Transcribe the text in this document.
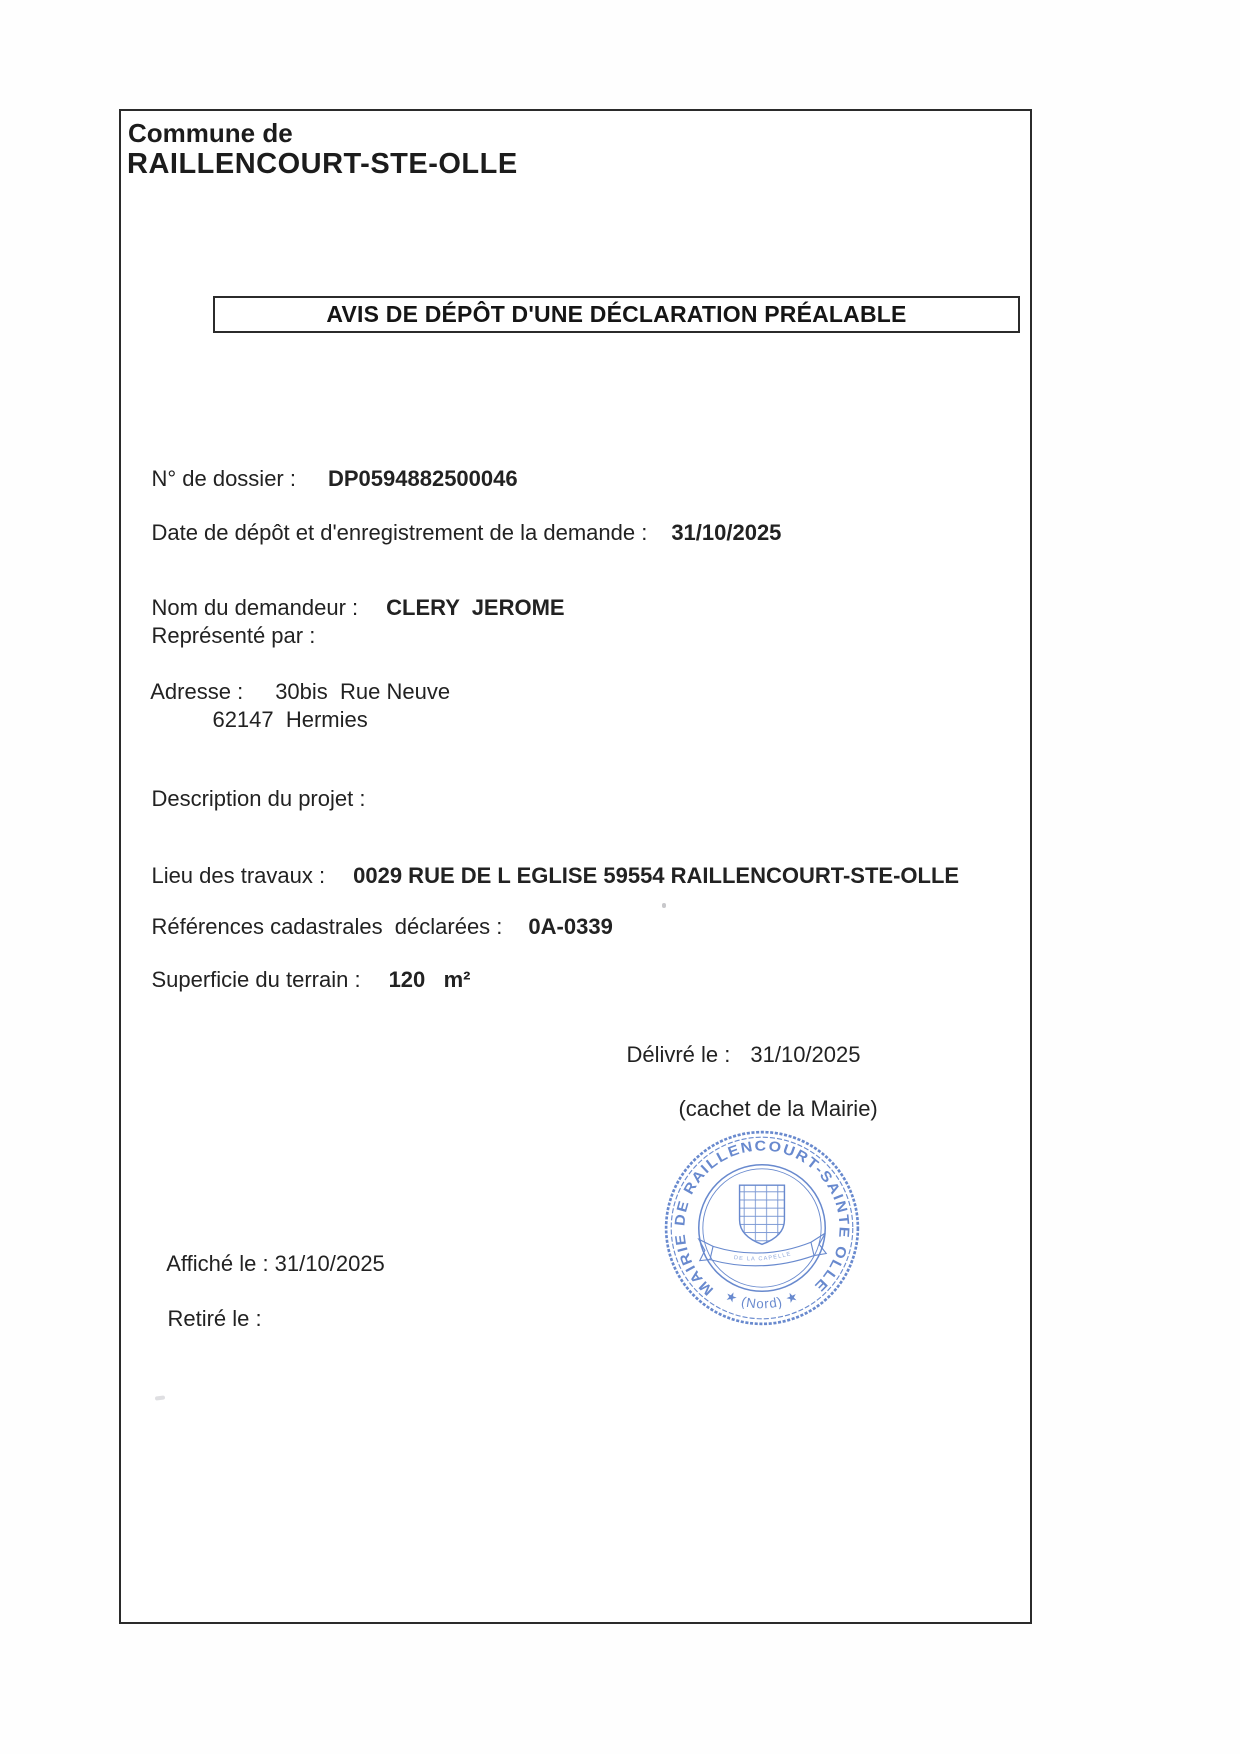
Commune de
RAILLENCOURT-STE-OLLE
AVIS DE DÉPÔT D'UNE DÉCLARATION PRÉALABLE

N° de dossier : DP0594882500046

Date de dépôt et d'enregistrement de la demande : 31/10/2025

Nom du demandeur : CLERY  JEROME

Représenté par :

Adresse : 30bis  Rue Neuve

62147  Hermies

Description du projet :

Lieu des travaux : 0029 RUE DE L EGLISE 59554 RAILLENCOURT-STE-OLLE

Références cadastrales  déclarées : 0A-0339

Superficie du terrain : 120   m²

Délivré le : 31/10/2025

(cachet de la Mairie)

MAIRIE DE RAILLENCOURT-SAINTE OLLE
★ (Nord) ★
DE LA CAPELLE

Affiché le : 31/10/2025

Retiré le :
